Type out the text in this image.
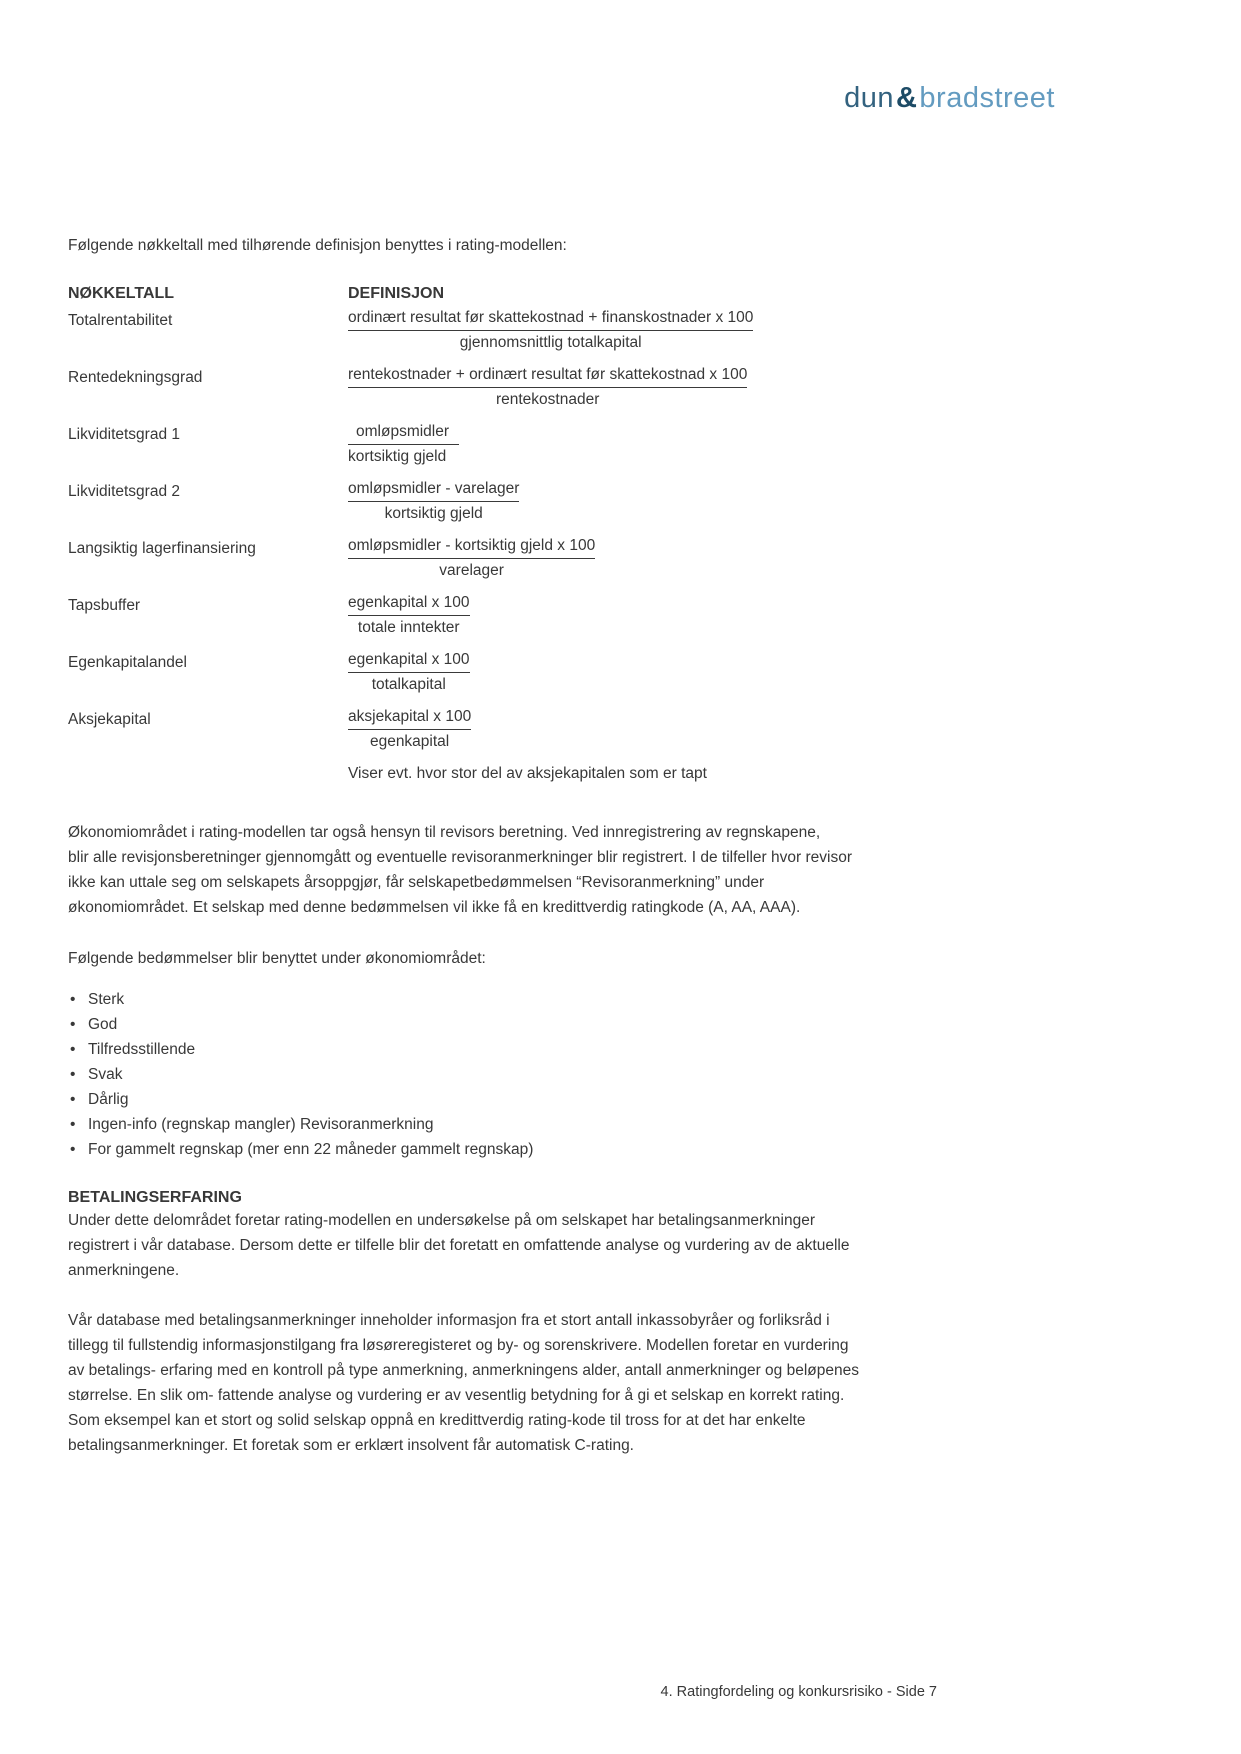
dun&bradstreet

Følgende nøkkeltall med tilhørende definisjon benyttes i rating-modellen:

NØKKELTALL	DEFINISJON
Totalrentabilitet	$\frac{\text{ordinært resultat før skattekostnad + finanskostnader x 100}}{\text{gjennomsnittlig totalkapital}}$
Rentedekningsgrad	$\frac{\text{rentekostnader + ordinært resultat før skattekostnad x 100}}{\text{rentekostnader}}$
Likviditetsgrad 1	$\frac{\text{omløpsmidler}}{\text{kortsiktig gjeld}}$
Likviditetsgrad 2	$\frac{\text{omløpsmidler - varelager}}{\text{kortsiktig gjeld}}$
Langsiktig lagerfinansiering	$\frac{\text{omløpsmidler - kortsiktig gjeld x 100}}{\text{varelager}}$
Tapsbuffer	$\frac{\text{egenkapital x 100}}{\text{totale inntekter}}$
Egenkapitalandel	$\frac{\text{egenkapital x 100}}{\text{totalkapital}}$
Aksjekapital	$\frac{\text{aksjekapital x 100}}{\text{egenkapital}}$
Viser evt. hvor stor del av aksjekapitalen som er tapt
Økonomiområdet i rating-modellen tar også hensyn til revisors beretning. Ved innregistrering av regnskapene,
blir alle revisjonsberetninger gjennomgått og eventuelle revisoranmerkninger blir registrert. I de tilfeller hvor revisor
ikke kan uttale seg om selskapets årsoppgjør, får selskapetbedømmelsen “Revisoranmerkning” under
økonomiområdet. Et selskap med denne bedømmelsen vil ikke få en kredittverdig ratingkode (A, AA, AAA).

Følgende bedømmelser blir benyttet under økonomiområdet:

• Sterk
• God
• Tilfredsstillende
• Svak
• Dårlig
• Ingen-info (regnskap mangler) Revisoranmerkning
• For gammelt regnskap (mer enn 22 måneder gammelt regnskap)
BETALINGSERFARING
Under dette delområdet foretar rating-modellen en undersøkelse på om selskapet har betalingsanmerkninger
registrert i vår database. Dersom dette er tilfelle blir det foretatt en omfattende analyse og vurdering av de aktuelle
anmerkningene.
Vår database med betalingsanmerkninger inneholder informasjon fra et stort antall inkassobyråer og forliksråd i
tillegg til fullstendig informasjonstilgang fra løsøreregisteret og by- og sorenskrivere. Modellen foretar en vurdering
av betalings- erfaring med en kontroll på type anmerkning, anmerkningens alder, antall anmerkninger og beløpenes
størrelse. En slik om- fattende analyse og vurdering er av vesentlig betydning for å gi et selskap en korrekt rating.
Som eksempel kan et stort og solid selskap oppnå en kredittverdig rating-kode til tross for at det har enkelte
betalingsanmerkninger. Et foretak som er erklært insolvent får automatisk C-rating.
4. Ratingfordeling og konkursrisiko - Side 7
